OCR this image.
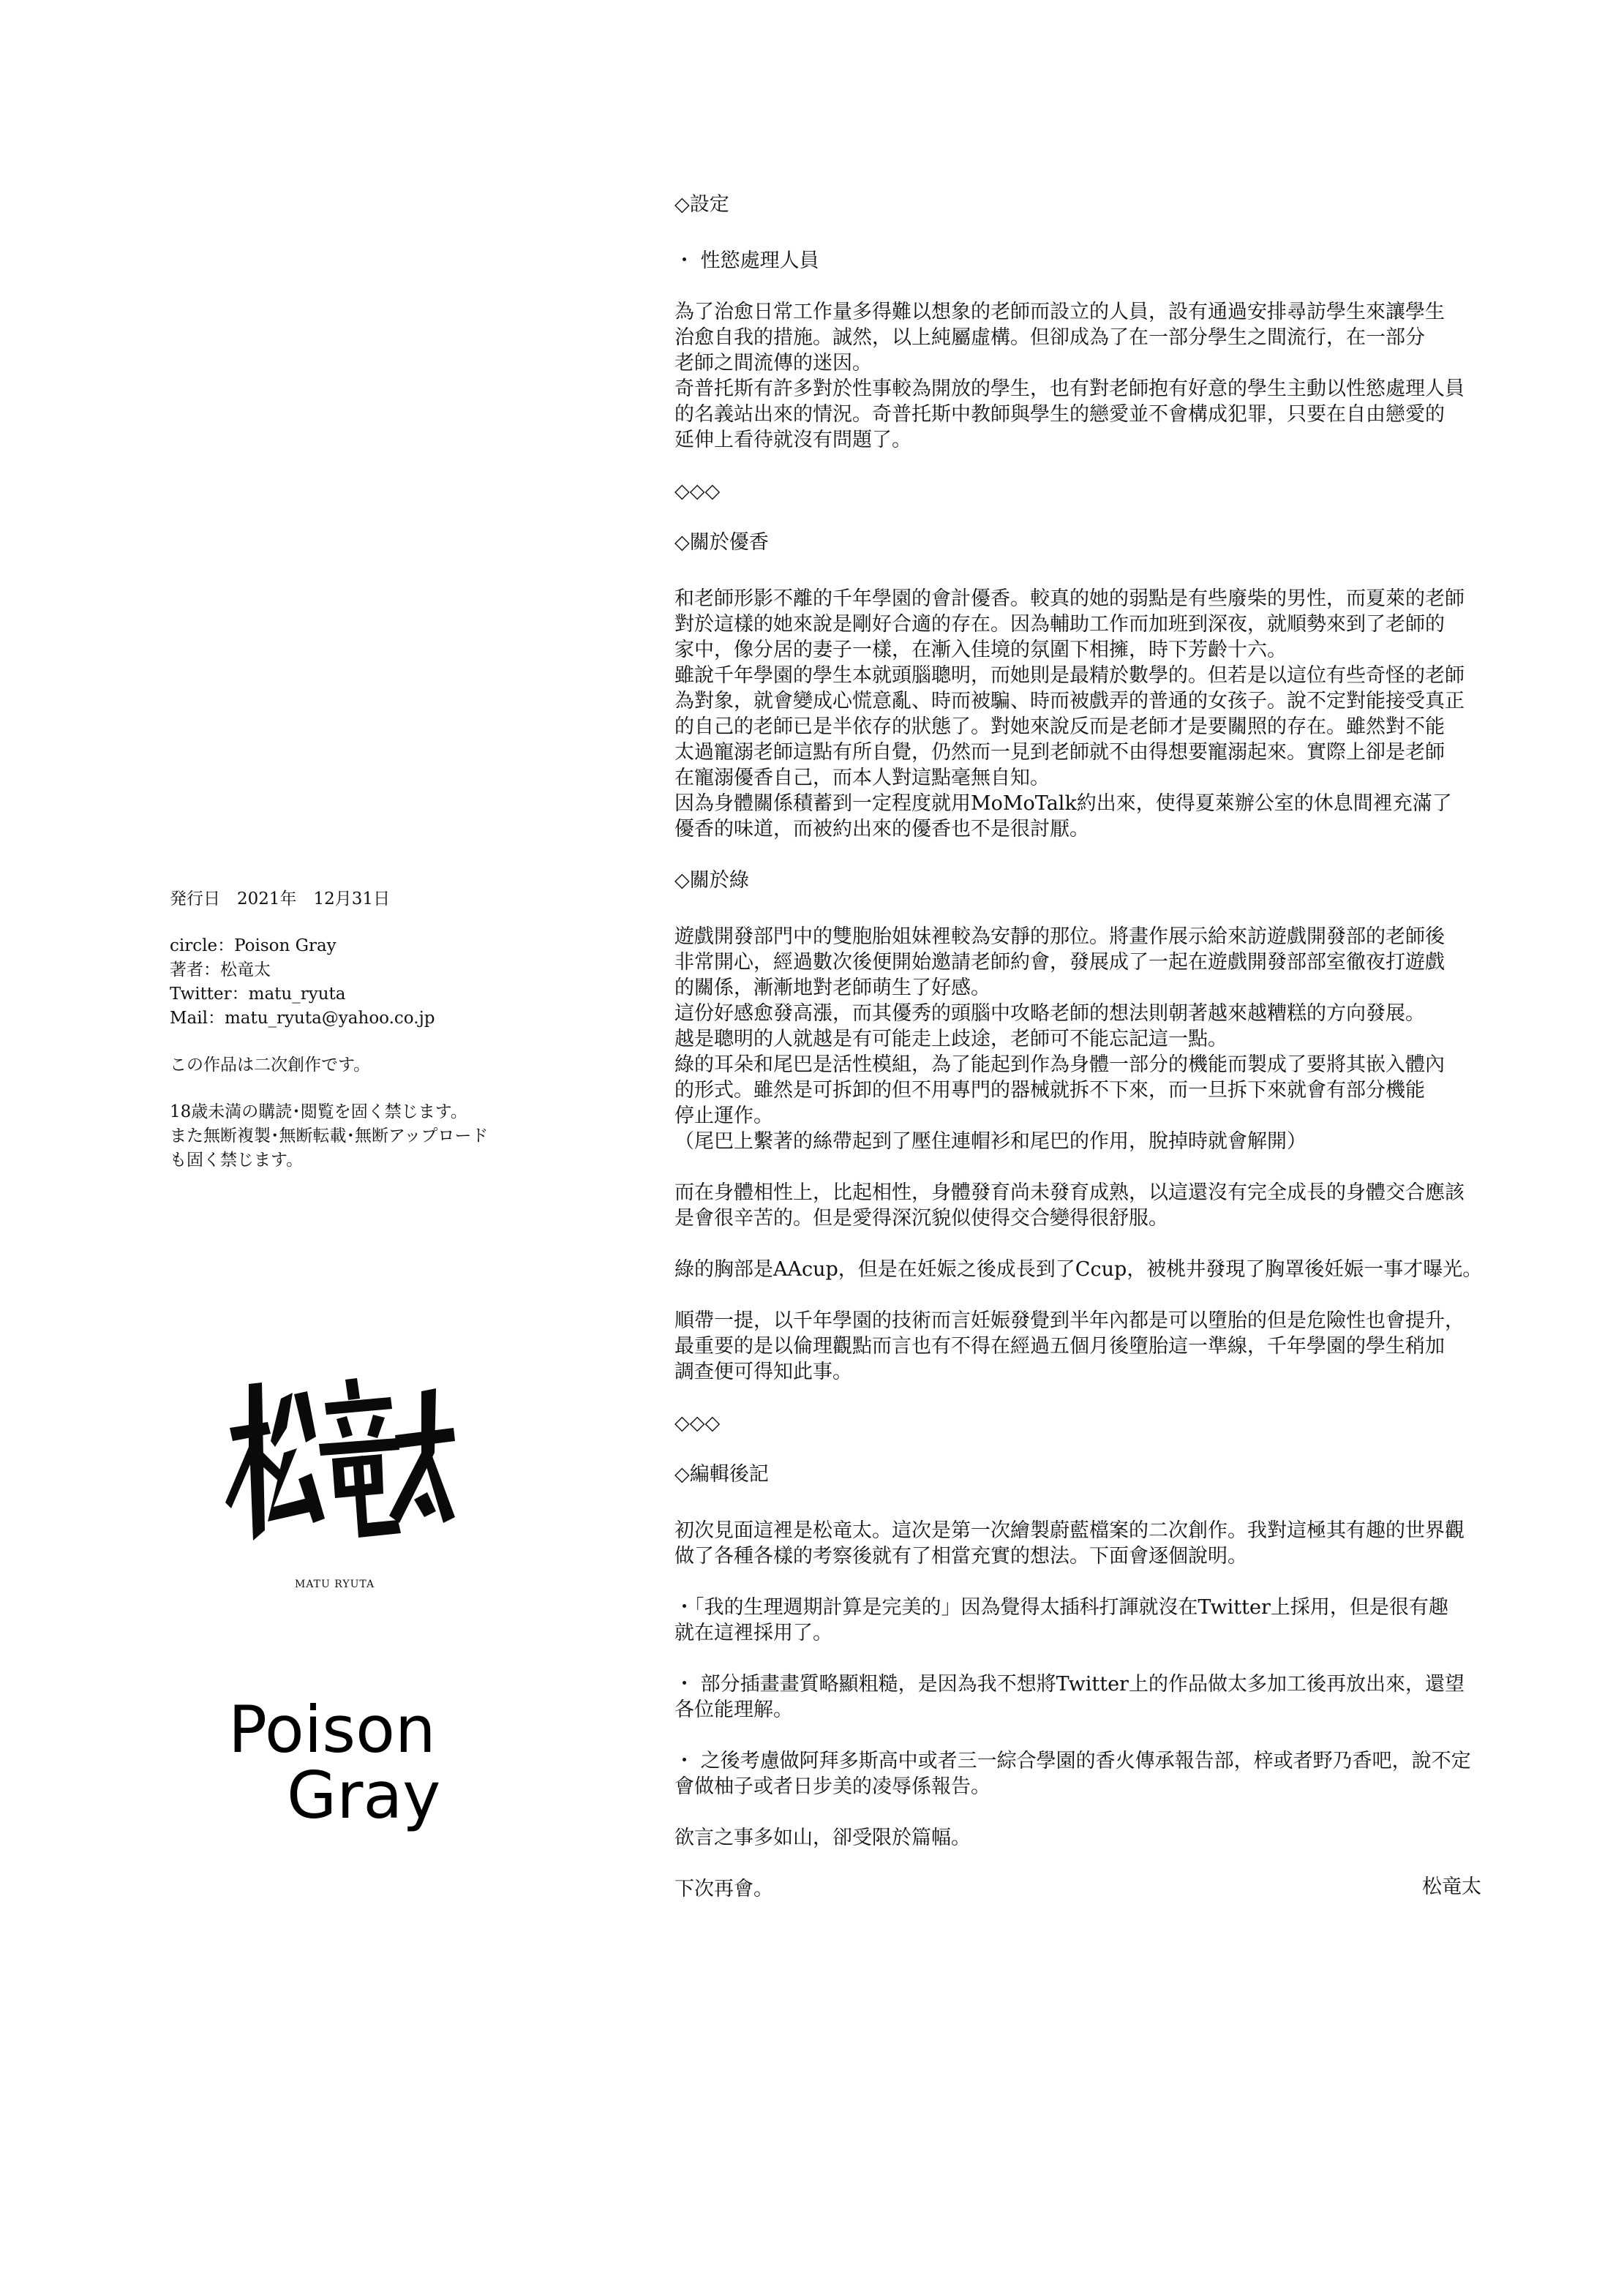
◇設定

・ 性慾處理人員

為了治愈日常工作量多得難以想象的老師而設立的人員，設有通過安排尋訪學生來讓學生
治愈自我的措施。誠然，以上純屬虛構。但卻成為了在一部分學生之間流行，在一部分
老師之間流傳的迷因。
奇普托斯有許多對於性事較為開放的學生，也有對老師抱有好意的學生主動以性慾處理人員
的名義站出來的情況。奇普托斯中教師與學生的戀愛並不會構成犯罪，只要在自由戀愛的
延伸上看待就沒有問題了。

◇◇◇

◇關於優香

和老師形影不離的千年學園的會計優香。較真的她的弱點是有些廢柴的男性，而夏萊的老師
對於這樣的她來說是剛好合適的存在。因為輔助工作而加班到深夜，就順勢來到了老師的
家中，像分居的妻子一樣，在漸入佳境的氛圍下相擁，時下芳齡十六。
雖說千年學園的學生本就頭腦聰明，而她則是最精於數學的。但若是以這位有些奇怪的老師
為對象，就會變成心慌意亂、時而被騙、時而被戲弄的普通的女孩子。說不定對能接受真正
的自己的老師已是半依存的狀態了。對她來說反而是老師才是要關照的存在。雖然對不能
太過寵溺老師這點有所自覺，仍然而一見到老師就不由得想要寵溺起來。實際上卻是老師
在寵溺優香自己，而本人對這點毫無自知。
因為身體關係積蓄到一定程度就用MoMoTalk約出來，使得夏萊辦公室的休息間裡充滿了
優香的味道，而被約出來的優香也不是很討厭。

◇關於綠

遊戲開發部門中的雙胞胎姐妹裡較為安靜的那位。將畫作展示給來訪遊戲開發部的老師後
非常開心，經過數次後便開始邀請老師約會，發展成了一起在遊戲開發部部室徹夜打遊戲
的關係，漸漸地對老師萌生了好感。
這份好感愈發高漲，而其優秀的頭腦中攻略老師的想法則朝著越來越糟糕的方向發展。
越是聰明的人就越是有可能走上歧途，老師可不能忘記這一點。
綠的耳朵和尾巴是活性模組，為了能起到作為身體一部分的機能而製成了要將其嵌入體內
的形式。雖然是可拆卸的但不用專門的器械就拆不下來，而一旦拆下來就會有部分機能
停止運作。
（尾巴上繫著的絲帶起到了壓住連帽衫和尾巴的作用，脫掉時就會解開）

而在身體相性上，比起相性，身體發育尚未發育成熟，以這還沒有完全成長的身體交合應該
是會很辛苦的。但是愛得深沉貌似使得交合變得很舒服。

綠的胸部是AAcup，但是在妊娠之後成長到了Ccup，被桃井發現了胸罩後妊娠一事才曝光。

順帶一提，以千年學園的技術而言妊娠發覺到半年內都是可以墮胎的但是危險性也會提升，
最重要的是以倫理觀點而言也有不得在經過五個月後墮胎這一準線，千年學園的學生稍加
調查便可得知此事。

◇◇◇

◇編輯後記

初次見面這裡是松竜太。這次是第一次繪製蔚藍檔案的二次創作。我對這極其有趣的世界觀
做了各種各樣的考察後就有了相當充實的想法。下面會逐個說明。

・「我的生理週期計算是完美的」因為覺得太插科打諢就沒在Twitter上採用，但是很有趣
就在這裡採用了。

・ 部分插畫畫質略顯粗糙，是因為我不想將Twitter上的作品做太多加工後再放出來，還望
各位能理解。

・ 之後考慮做阿拜多斯高中或者三一綜合學園的香火傳承報告部，梓或者野乃香吧，說不定
會做柚子或者日步美的凌辱係報告。

欲言之事多如山，卻受限於篇幅。

下次再會。	松竜太

発行日　2021年　12月31日

circle：Poison Gray

著者：松竜太

Twitter：matu_ryuta

Mail：matu_ryuta@yahoo.co.jp

この作品は二次創作です。

18歳未満の購読･閲覧を固く禁じます。
また無断複製･無断転載･無断アップロード
も固く禁じます。

松竜太
MATU RYUTA
Poison
Gray
